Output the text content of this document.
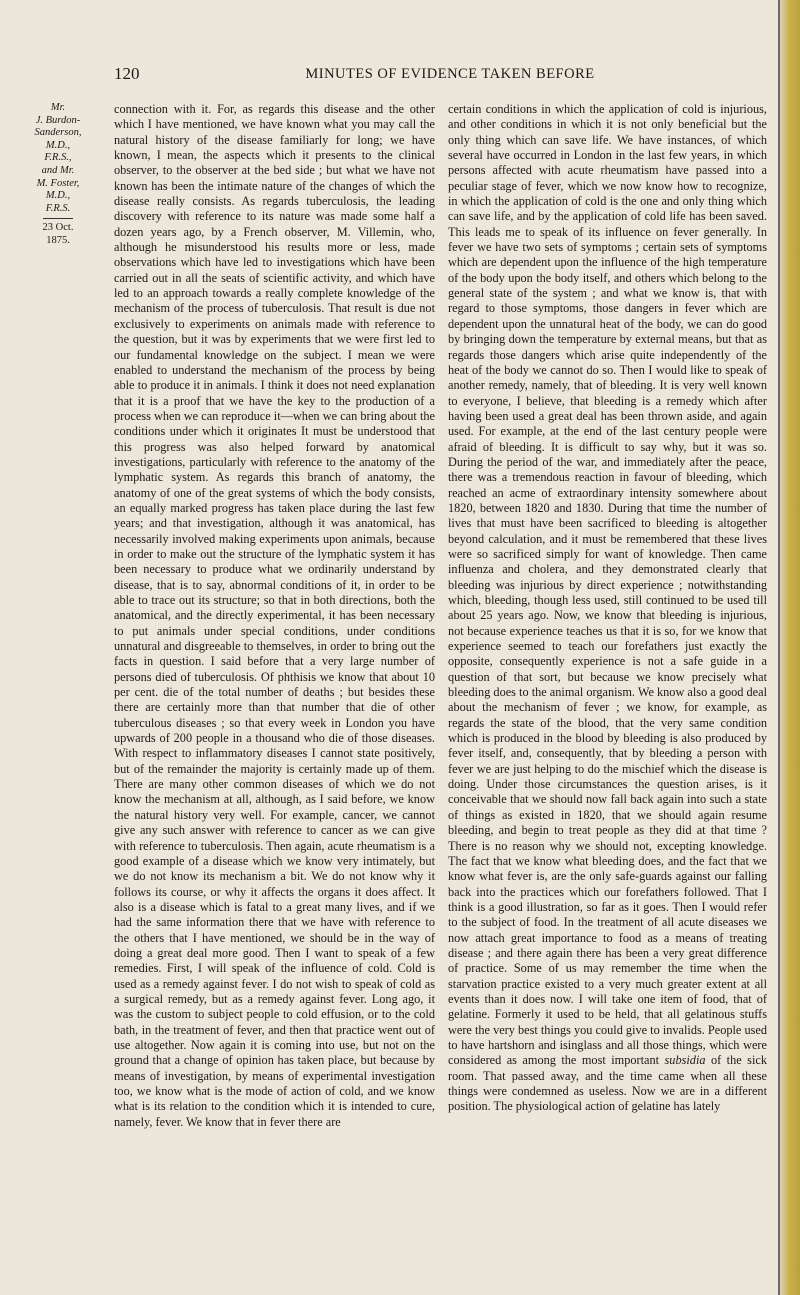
120	MINUTES OF EVIDENCE TAKEN BEFORE
Mr.
J. Burdon-
Sanderson,
M.D., F.R.S.,
and Mr.
M. Foster,
M.D., F.R.S.
23 Oct. 1875.

connection with it. For, as regards this disease and the other which I have mentioned, we have known what you may call the natural history of the disease familiarly for long; we have known, I mean, the aspects which it presents to the clinical observer, to the observer at the bed side ; but what we have not known has been the intimate nature of the changes of which the disease really consists. As regards tuberculosis, the leading discovery with reference to its nature was made some half a dozen years ago, by a French observer, M. Villemin, who, although he misunderstood his results more or less, made observations which have led to investigations which have been carried out in all the seats of scientific activity, and which have led to an approach towards a really complete knowledge of the mechanism of the process of tuberculosis. That result is due not exclusively to experiments on animals made with reference to the question, but it was by experiments that we were first led to our fundamental knowledge on the subject. I mean we were enabled to understand the mechanism of the process by being able to produce it in animals. I think it does not need explanation that it is a proof that we have the key to the production of a process when we can reproduce it—when we can bring about the conditions under which it originates It must be understood that this progress was also helped forward by anatomical investigations, particularly with reference to the anatomy of the lymphatic system. As regards this branch of anatomy, the anatomy of one of the great systems of which the body consists, an equally marked progress has taken place during the last few years; and that investigation, although it was anatomical, has necessarily involved making experiments upon animals, because in order to make out the structure of the lymphatic system it has been necessary to produce what we ordinarily understand by disease, that is to say, abnormal conditions of it, in order to be able to trace out its structure; so that in both directions, both the anatomical, and the directly experimental, it has been necessary to put animals under special conditions, under conditions unnatural and disgreeable to themselves, in order to bring out the facts in question. I said before that a very large number of persons died of tuberculosis. Of phthisis we know that about 10 per cent. die of the total number of deaths ; but besides these there are certainly more than that number that die of other tuberculous diseases ; so that every week in London you have upwards of 200 people in a thousand who die of those diseases. With respect to inflammatory diseases I cannot state positively, but of the remainder the majority is certainly made up of them. There are many other common diseases of which we do not know the mechanism at all, although, as I said before, we know the natural history very well. For example, cancer, we cannot give any such answer with reference to cancer as we can give with reference to tuberculosis. Then again, acute rheumatism is a good example of a disease which we know very intimately, but we do not know its mechanism a bit. We do not know why it follows its course, or why it affects the organs it does affect. It also is a disease which is fatal to a great many lives, and if we had the same information there that we have with reference to the others that I have mentioned, we should be in the way of doing a great deal more good. Then I want to speak of a few remedies. First, I will speak of the influence of cold. Cold is used as a remedy against fever. I do not wish to speak of cold as a surgical remedy, but as a remedy against fever. Long ago, it was the custom to subject people to cold effusion, or to the cold bath, in the treatment of fever, and then that practice went out of use altogether. Now again it is coming into use, but not on the ground that a change of opinion has taken place, but because by means of investigation, by means of experimental investigation too, we know what is the mode of action of cold, and we know what is its relation to the condition which it is intended to cure, namely, fever. We know that in fever there are

certain conditions in which the application of cold is injurious, and other conditions in which it is not only beneficial but the only thing which can save life. We have instances, of which several have occurred in London in the last few years, in which persons affected with acute rheumatism have passed into a peculiar stage of fever, which we now know how to recognize, in which the application of cold is the one and only thing which can save life, and by the application of cold life has been saved. This leads me to speak of its influence on fever generally. In fever we have two sets of symptoms ; certain sets of symptoms which are dependent upon the influence of the high temperature of the body upon the body itself, and others which belong to the general state of the system ; and what we know is, that with regard to those symptoms, those dangers in fever which are dependent upon the unnatural heat of the body, we can do good by bringing down the temperature by external means, but that as regards those dangers which arise quite independently of the heat of the body we cannot do so. Then I would like to speak of another remedy, namely, that of bleeding. It is very well known to everyone, I believe, that bleeding is a remedy which after having been used a great deal has been thrown aside, and again used. For example, at the end of the last century people were afraid of bleeding. It is difficult to say why, but it was so. During the period of the war, and immediately after the peace, there was a tremendous reaction in favour of bleeding, which reached an acme of extraordinary intensity somewhere about 1820, between 1820 and 1830. During that time the number of lives that must have been sacrificed to bleeding is altogether beyond calculation, and it must be remembered that these lives were so sacrificed simply for want of knowledge. Then came influenza and cholera, and they demonstrated clearly that bleeding was injurious by direct experience ; notwithstanding which, bleeding, though less used, still continued to be used till about 25 years ago. Now, we know that bleeding is injurious, not because experience teaches us that it is so, for we know that experience seemed to teach our forefathers just exactly the opposite, consequently experience is not a safe guide in a question of that sort, but because we know precisely what bleeding does to the animal organism. We know also a good deal about the mechanism of fever ; we know, for example, as regards the state of the blood, that the very same condition which is produced in the blood by bleeding is also produced by fever itself, and, consequently, that by bleeding a person with fever we are just helping to do the mischief which the disease is doing. Under those circumstances the question arises, is it conceivable that we should now fall back again into such a state of things as existed in 1820, that we should again resume bleeding, and begin to treat people as they did at that time ? There is no reason why we should not, excepting knowledge. The fact that we know what bleeding does, and the fact that we know what fever is, are the only safe-guards against our falling back into the practices which our forefathers followed. That I think is a good illustration, so far as it goes. Then I would refer to the subject of food. In the treatment of all acute diseases we now attach great importance to food as a means of treating disease ; and there again there has been a very great difference of practice. Some of us may remember the time when the starvation practice existed to a very much greater extent at all events than it does now. I will take one item of food, that of gelatine. Formerly it used to be held, that all gelatinous stuffs were the very best things you could give to invalids. People used to have hartshorn and isinglass and all those things, which were considered as among the most important subsidia of the sick room. That passed away, and the time came when all these things were condemned as useless. Now we are in a different position. The physiological action of gelatine has lately
